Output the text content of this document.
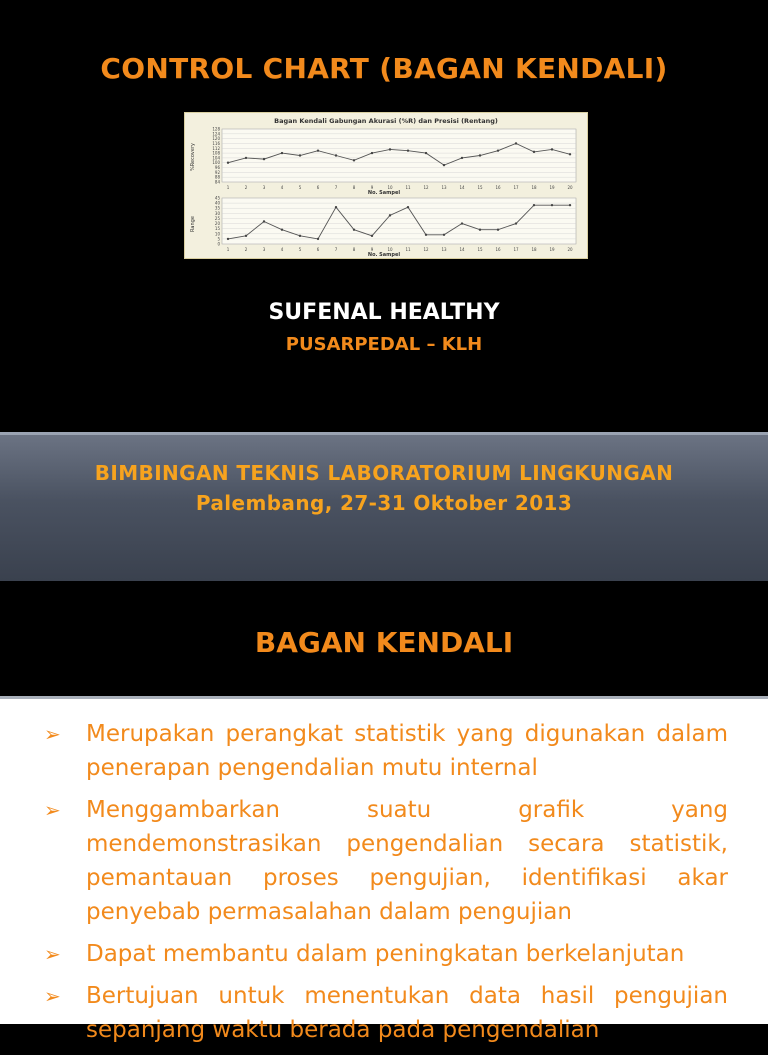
CONTROL CHART (BAGAN KENDALI)
Bagan Kendali Gabungan Akurasi (%R) dan Presisi (Rentang)
%Recovery
Range
No. Sampel
No. Sampel
84
88
92
96
100
104
108
112
116
120
124
128
1	2	3	4	5	6	7	8	9	10	11	12	13	14	15	16	17	18	19	20
0
5
10
15
20
25
30
35
40
45
1	2	3	4	5	6	7	8	9	10	11	12	13	14	15	16	17	18	19	20
SUFENAL HEALTHY
PUSARPEDAL – KLH
BIMBINGAN TEKNIS LABORATORIUM LINGKUNGAN
Palembang, 27-31 Oktober 2013
BAGAN KENDALI
➢ Merupakan perangkat statistik yang digunakan dalam penerapan pengendalian mutu internal
➢ Menggambarkan suatu grafik yang mendemonstrasikan pengendalian secara statistik, pemantauan proses pengujian, identifikasi akar penyebab permasalahan dalam pengujian
➢ Dapat membantu dalam peningkatan berkelanjutan
➢ Bertujuan untuk menentukan data hasil pengujian sepanjang waktu berada pada pengendalian
